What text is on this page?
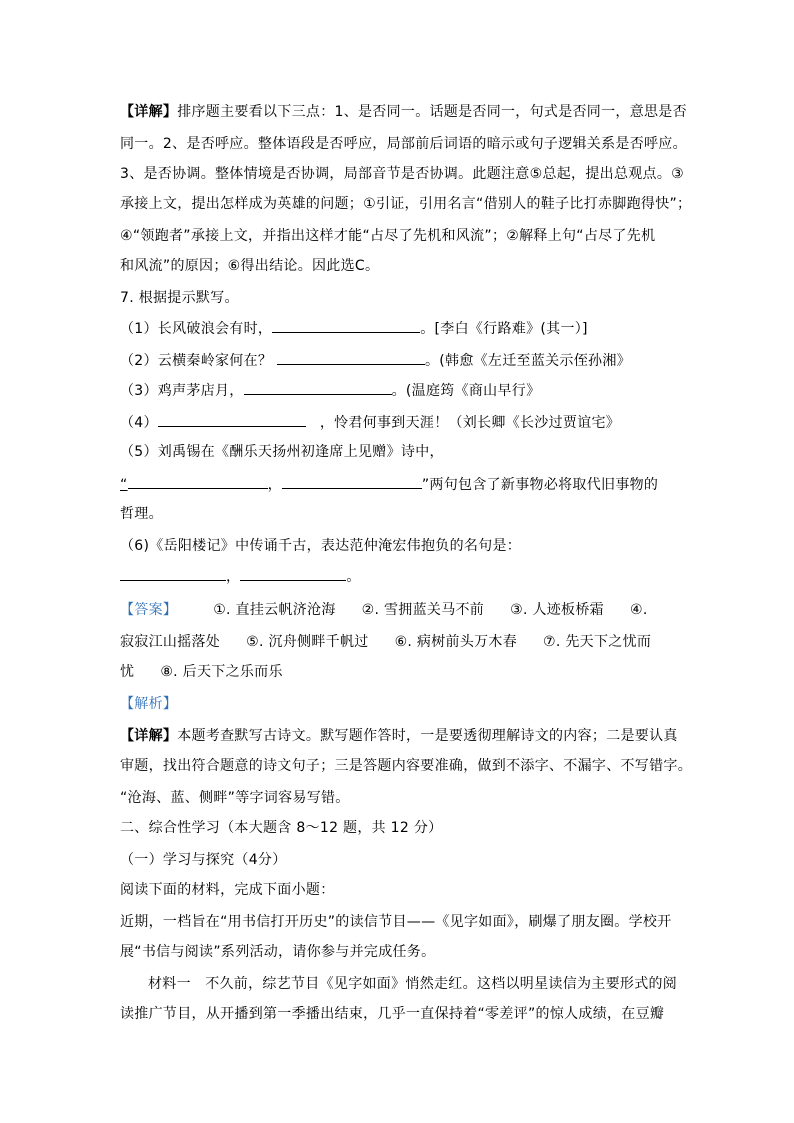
【详解】排序题主要看以下三点：1、是否同一。话题是否同一，句式是否同一，意思是否
同一。2、是否呼应。整体语段是否呼应，局部前后词语的暗示或句子逻辑关系是否呼应。
3、是否协调。整体情境是否协调，局部音节是否协调。此题注意⑤总起，提出总观点。③
承接上文，提出怎样成为英雄的问题；①引证，引用名言“借别人的鞋子比打赤脚跑得快”；
④“领跑者”承接上文，并指出这样才能“占尽了先机和风流”；②解释上句“占尽了先机
和风流”的原因；⑥得出结论。因此选C。
7. 根据提示默写。
（1）长风破浪会有时，	。[李白《行路难》(其一）]
（2）云横秦岭家何在？	。(韩愈《左迁至蓝关示侄孙湘》
（3）鸡声茅店月，	。(温庭筠《商山早行》
（4）	，怜君何事到天涯！（刘长卿《长沙过贾谊宅》
（5）刘禹锡在《酬乐天扬州初逢席上见赠》诗中，
“	，	”两句包含了新事物必将取代旧事物的
哲理。
（6)《岳阳楼记》中传诵千古，表达范仲淹宏伟抱负的名句是：
，	。
【答案】	①. 直挂云帆济沧海 ②. 雪拥蓝关马不前 ③. 人迹板桥霜 ④.
寂寂江山摇落处 ⑤. 沉舟侧畔千帆过 ⑥. 病树前头万木春 ⑦. 先天下之忧而
忧 ⑧. 后天下之乐而乐
【解析】
【详解】本题考查默写古诗文。默写题作答时，一是要透彻理解诗文的内容；二是要认真
审题，找出符合题意的诗文句子；三是答题内容要准确，做到不添字、不漏字、不写错字。
“沧海、蓝、侧畔”等字词容易写错。
二、综合性学习（本大题含 8～12 题，共 12 分）
（一）学习与探究（4分）
阅读下面的材料，完成下面小题：
近期，一档旨在“用书信打开历史”的读信节目——《见字如面》，刷爆了朋友圈。学校开
展“书信与阅读”系列活动，请你参与并完成任务。
材料一　不久前，综艺节目《见字如面》悄然走红。这档以明星读信为主要形式的阅
读推广节目，从开播到第一季播出结束，几乎一直保持着“零差评”的惊人成绩，在豆瓣
